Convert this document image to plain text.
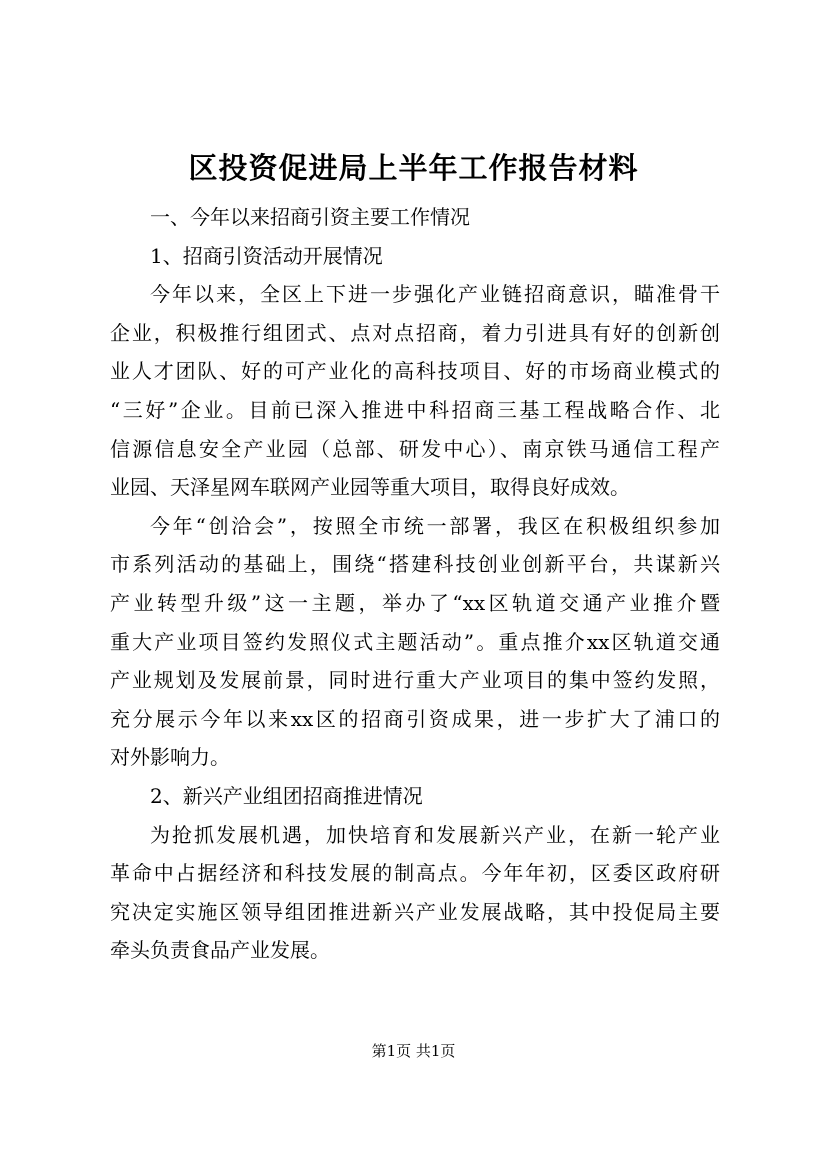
区投资促进局上半年工作报告材料
一、今年以来招商引资主要工作情况
1、招商引资活动开展情况
今年以来，全区上下进一步强化产业链招商意识，瞄准骨干
企业，积极推行组团式、点对点招商，着力引进具有好的创新创
业人才团队、好的可产业化的高科技项目、好的市场商业模式的
“三好”企业。目前已深入推进中科招商三基工程战略合作、北
信源信息安全产业园（总部、研发中心）、南京铁马通信工程产
业园、天泽星网车联网产业园等重大项目，取得良好成效。
今年“创洽会”，按照全市统一部署，我区在积极组织参加
市系列活动的基础上，围绕“搭建科技创业创新平台，共谋新兴
产业转型升级”这一主题，举办了“xx区轨道交通产业推介暨
重大产业项目签约发照仪式主题活动”。重点推介xx区轨道交通
产业规划及发展前景，同时进行重大产业项目的集中签约发照，
充分展示今年以来xx区的招商引资成果，进一步扩大了浦口的
对外影响力。
2、新兴产业组团招商推进情况
为抢抓发展机遇，加快培育和发展新兴产业，在新一轮产业
革命中占据经济和科技发展的制高点。今年年初，区委区政府研
究决定实施区领导组团推进新兴产业发展战略，其中投促局主要
牵头负责食品产业发展。
第1页 共1页
